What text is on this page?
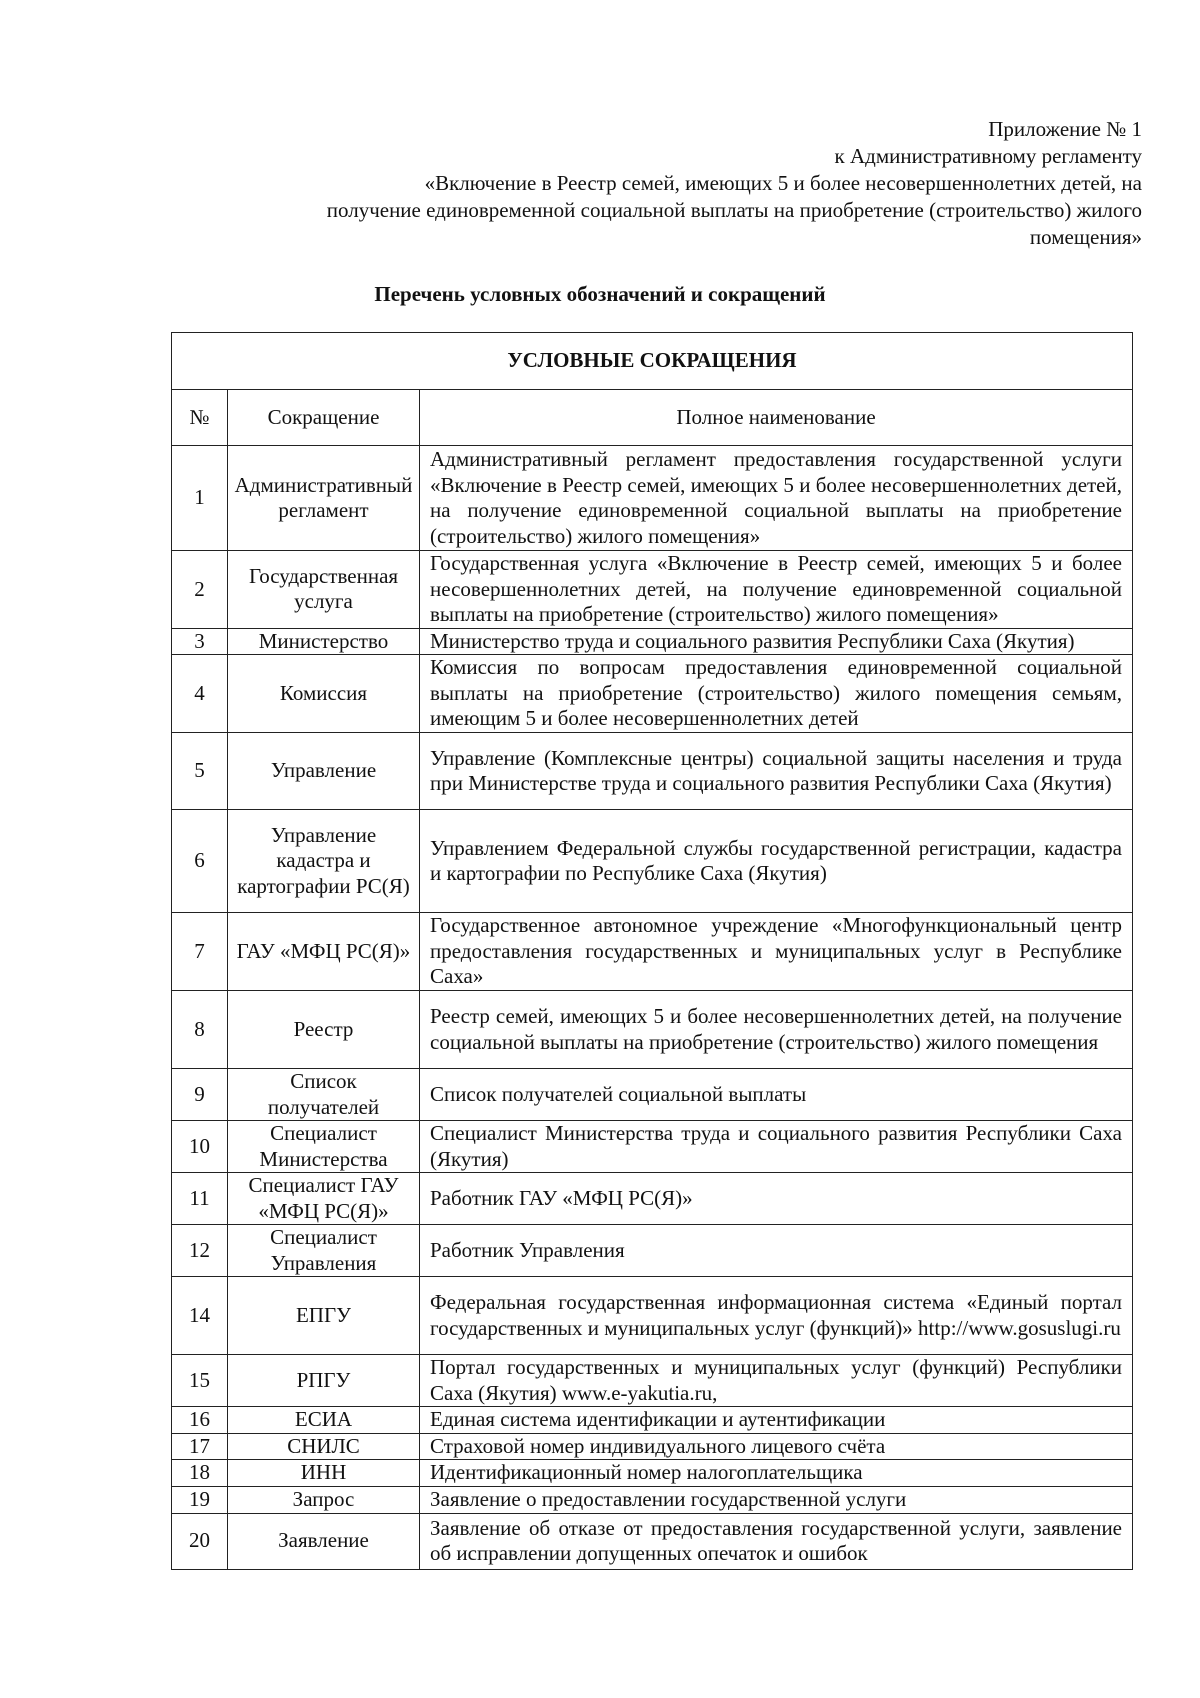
Приложение № 1
к Административному регламенту
«Включение в Реестр семей, имеющих 5 и более несовершеннолетних детей, на
получение единовременной социальной выплаты на приобретение (строительство) жилого
помещения»
Перечень условных обозначений и сокращений
УСЛОВНЫЕ СОКРАЩЕНИЯ		
№	Сокращение	Полное наименование
1	Административный регламент	Административный регламент предоставления государственной услуги «Включение в Реестр семей, имеющих 5 и более несовершеннолетних детей, на получение единовременной социальной выплаты на приобретение (строительство) жилого помещения»
2	Государственная услуга	Государственная услуга «Включение в Реестр семей, имеющих 5 и более несовершеннолетних детей, на получение единовременной социальной выплаты на приобретение (строительство) жилого помещения»
3	Министерство	Министерство труда и социального развития Республики Саха (Якутия)
4	Комиссия	Комиссия по вопросам предоставления единовременной социальной выплаты на приобретение (строительство) жилого помещения семьям, имеющим 5 и более несовершеннолетних детей
5	Управление	Управление (Комплексные центры) социальной защиты населения и труда при Министерстве труда и социального развития Республики Саха (Якутия)
6	Управление кадастра и картографии РС(Я)	Управлением Федеральной службы государственной регистрации, кадастра и картографии по Республике Саха (Якутия)
7	ГАУ «МФЦ РС(Я)»	Государственное автономное учреждение «Многофункциональный центр предоставления государственных и муниципальных услуг в Республике Саха»
8	Реестр	Реестр семей, имеющих 5 и более несовершеннолетних детей, на получение социальной выплаты на приобретение (строительство) жилого помещения
9	Список получателей	Список получателей социальной выплаты
10	Специалист Министерства	Специалист Министерства труда и социального развития Республики Саха (Якутия)
11	Специалист ГАУ «МФЦ РС(Я)»	Работник ГАУ «МФЦ РС(Я)»
12	Специалист Управления	Работник Управления
14	ЕПГУ	Федеральная государственная информационная система «Единый портал государственных и муниципальных услуг (функций)» http://www.gosuslugi.ru
15	РПГУ	Портал государственных и муниципальных услуг (функций) Республики Саха (Якутия) www.e-yakutia.ru,
16	ЕСИА	Единая система идентификации и аутентификации
17	СНИЛС	Страховой номер индивидуального лицевого счёта
18	ИНН	Идентификационный номер налогоплательщика
19	Запрос	Заявление о предоставлении государственной услуги
20	Заявление	Заявление об отказе от предоставления государственной услуги, заявление об исправлении допущенных опечаток и ошибок
